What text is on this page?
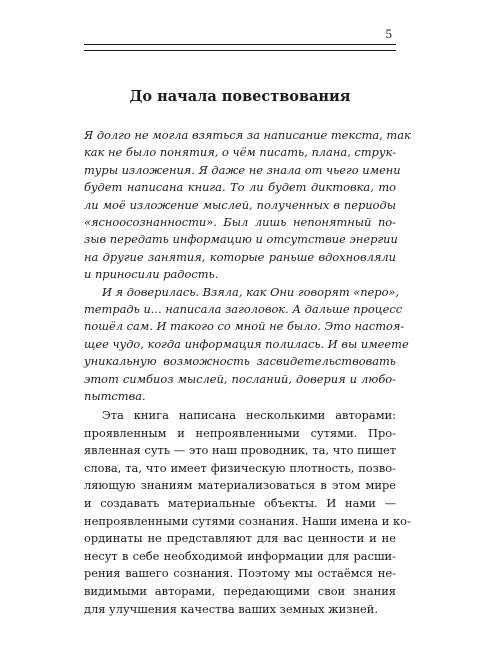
5
До начала повествования
Я долго не могла взяться за написание текста, так
как не было понятия, о чём писать, плана, струк-
туры изложения. Я даже не знала от чьего имени
будет написана книга. То ли будет диктовка, то
ли моё изложение мыслей, полученных в периоды
«ясноосознанности». Был лишь непонятный по-
зыв передать информацию и отсутствие энергии
на другие занятия, которые раньше вдохновляли
и приносили радость.
И я доверилась. Взяла, как Они говорят «перо»,
тетрадь и... написала заголовок. А дальше процесс
пошёл сам. И такого со мной не было. Это настоя-
щее чудо, когда информация полилась. И вы имеете
уникальную возможность засвидетельствовать
этот симбиоз мыслей, посланий, доверия и любо-
пытства.
Эта книга написана несколькими авторами:
проявленным и непроявленными сутями. Про-
явленная суть — это наш проводник, та, что пишет
слова, та, что имеет физическую плотность, позво-
ляющую знаниям материализоваться в этом мире
и создавать материальные объекты. И нами —
непроявленными сутями сознания. Наши имена и ко-
ординаты не представляют для вас ценности и не
несут в себе необходимой информации для расши-
рения вашего сознания. Поэтому мы остаёмся не-
видимыми авторами, передающими свои знания
для улучшения качества ваших земных жизней.
